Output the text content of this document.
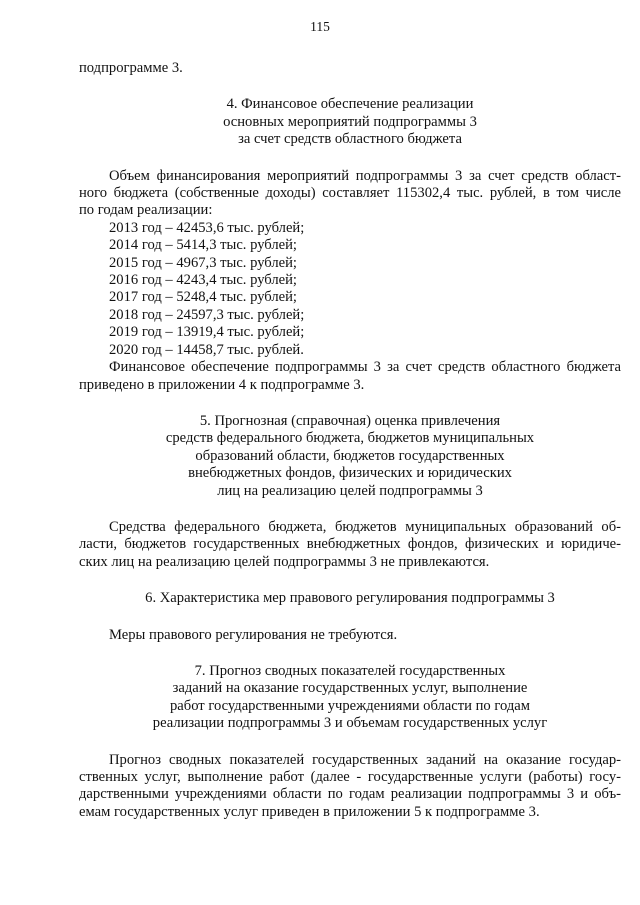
115
подпрограмме 3.
4. Финансовое обеспечение реализации
основных мероприятий подпрограммы 3
за счет средств областного бюджета
Объем финансирования мероприятий подпрограммы 3 за счет средств област-
ного бюджета (собственные доходы) составляет 115302,4 тыс. рублей, в том числе
по годам реализации:
2013 год – 42453,6 тыс. рублей;
2014 год – 5414,3 тыс. рублей;
2015 год – 4967,3 тыс. рублей;
2016 год – 4243,4 тыс. рублей;
2017 год – 5248,4 тыс. рублей;
2018 год – 24597,3 тыс. рублей;
2019 год – 13919,4 тыс. рублей;
2020 год – 14458,7 тыс. рублей.
Финансовое обеспечение подпрограммы 3 за счет средств областного бюджета
приведено в приложении 4 к подпрограмме 3.
5. Прогнозная (справочная) оценка привлечения
средств федерального бюджета, бюджетов муниципальных
образований области, бюджетов государственных
внебюджетных фондов, физических и юридических
лиц на реализацию целей подпрограммы 3
Средства федерального бюджета, бюджетов муниципальных образований об-
ласти, бюджетов государственных внебюджетных фондов, физических и юридиче-
ских лиц на реализацию целей подпрограммы 3 не привлекаются.
6. Характеристика мер правового регулирования подпрограммы 3
Меры правового регулирования не требуются.
7. Прогноз сводных показателей государственных
заданий на оказание государственных услуг, выполнение
работ государственными учреждениями области по годам
реализации подпрограммы 3 и объемам государственных услуг
Прогноз сводных показателей государственных заданий на оказание государ-
ственных услуг, выполнение работ (далее - государственные услуги (работы) госу-
дарственными учреждениями области по годам реализации подпрограммы 3 и объ-
емам государственных услуг приведен в приложении 5 к подпрограмме 3.
